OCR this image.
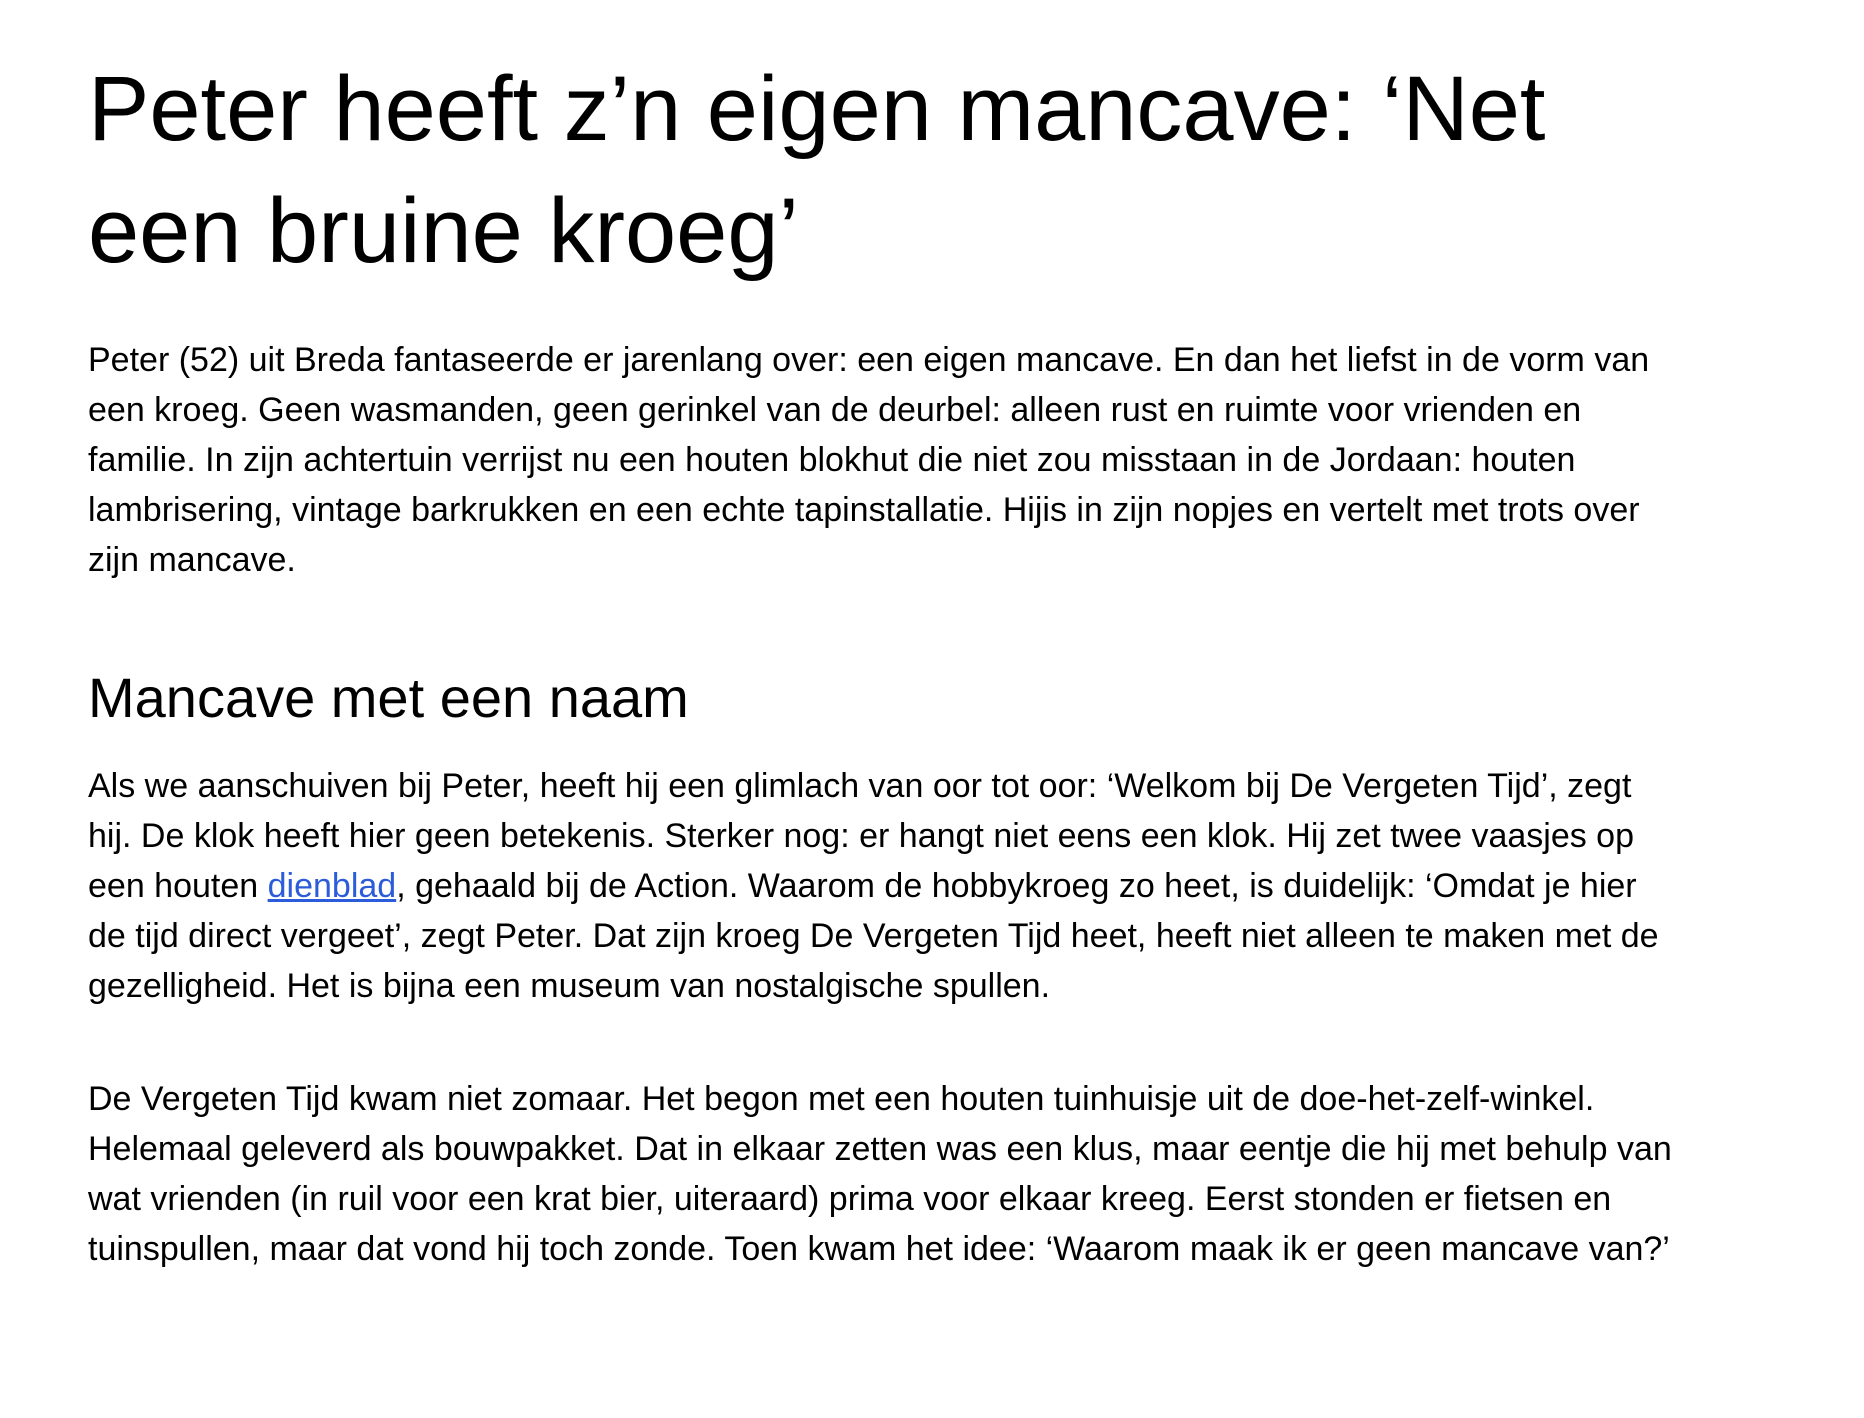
Peter heeft z’n eigen mancave: ‘Net een bruine kroeg’

Peter (52) uit Breda fantaseerde er jarenlang over: een eigen mancave. En dan het liefst in de vorm van een kroeg. Geen wasmanden, geen gerinkel van de deurbel: alleen rust en ruimte voor vrienden en familie. In zijn achtertuin verrijst nu een houten blokhut die niet zou misstaan in de Jordaan: houten lambrisering, vintage barkrukken en een echte tapinstallatie. Hijis in zijn nopjes en vertelt met trots over zijn mancave.

Mancave met een naam

Als we aanschuiven bij Peter, heeft hij een glimlach van oor tot oor: ‘Welkom bij De Vergeten Tijd’, zegt hij. De klok heeft hier geen betekenis. Sterker nog: er hangt niet eens een klok. Hij zet twee vaasjes op een houten dienblad, gehaald bij de Action. Waarom de hobbykroeg zo heet, is duidelijk: ‘Omdat je hier de tijd direct vergeet’, zegt Peter. Dat zijn kroeg De Vergeten Tijd heet, heeft niet alleen te maken met de gezelligheid. Het is bijna een museum van nostalgische spullen.

De Vergeten Tijd kwam niet zomaar. Het begon met een houten tuinhuisje uit de doe-het-zelf-winkel. Helemaal geleverd als bouwpakket. Dat in elkaar zetten was een klus, maar eentje die hij met behulp van wat vrienden (in ruil voor een krat bier, uiteraard) prima voor elkaar kreeg. Eerst stonden er fietsen en tuinspullen, maar dat vond hij toch zonde. Toen kwam het idee: ‘Waarom maak ik er geen mancave van?’
